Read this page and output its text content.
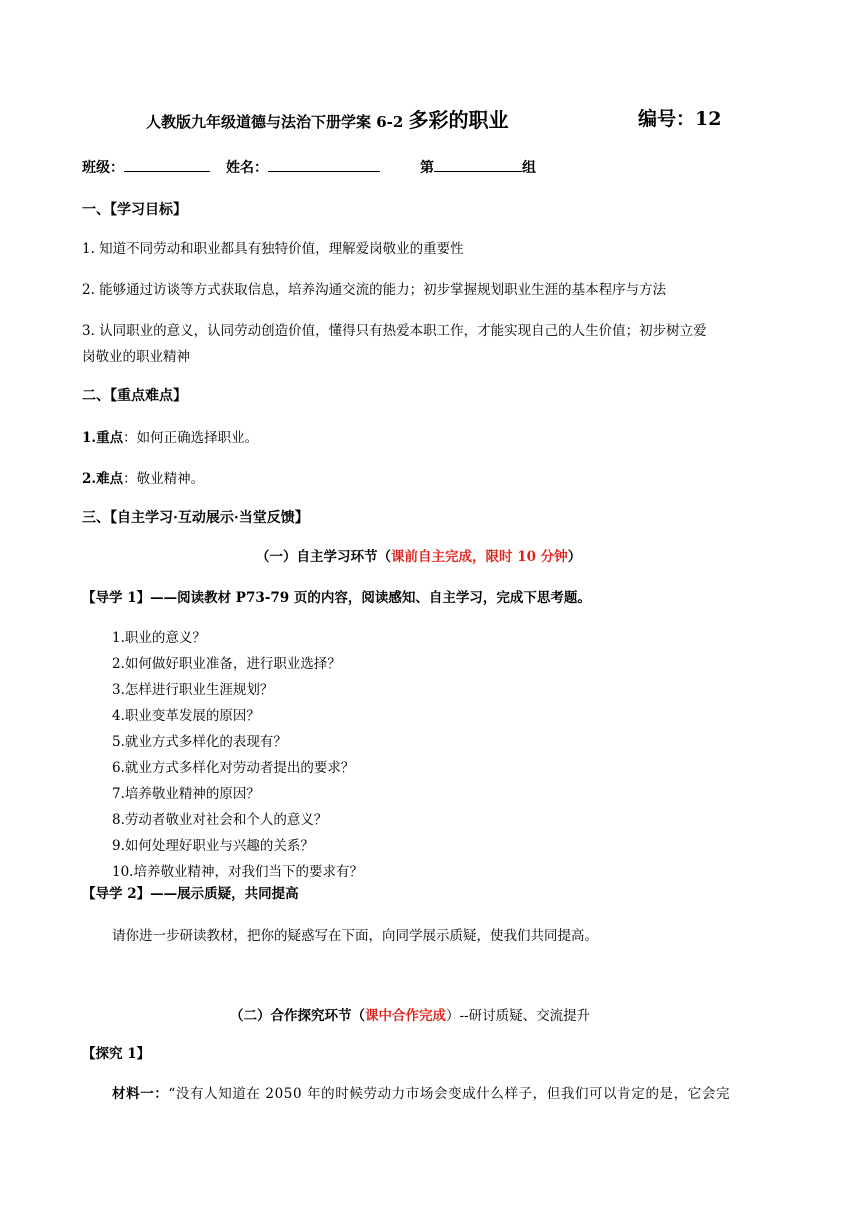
人教版九年级道德与法治下册学案 6-2 多彩的职业	编号：12
班级：	姓名：	第	组
一、【学习目标】
1. 知道不同劳动和职业都具有独特价值，理解爱岗敬业的重要性
2. 能够通过访谈等方式获取信息，培养沟通交流的能力；初步掌握规划职业生涯的基本程序与方法
3. 认同职业的意义，认同劳动创造价值，懂得只有热爱本职工作，才能实现自己的人生价值；初步树立爱
岗敬业的职业精神
二、【重点难点】
1.重点：如何正确选择职业。
2.难点：敬业精神。
三、【自主学习·互动展示·当堂反馈】
（一）自主学习环节（课前自主完成，限时 10 分钟）
【导学 1】——阅读教材 P73-79 页的内容，阅读感知、自主学习，完成下思考题。
1.职业的意义？
2.如何做好职业准备，进行职业选择？
3.怎样进行职业生涯规划？
4.职业变革发展的原因？
5.就业方式多样化的表现有？
6.就业方式多样化对劳动者提出的要求？
7.培养敬业精神的原因？
8.劳动者敬业对社会和个人的意义？
9.如何处理好职业与兴趣的关系？
10.培养敬业精神，对我们当下的要求有？
【导学 2】——展示质疑，共同提高
请你进一步研读教材，把你的疑惑写在下面，向同学展示质疑，使我们共同提高。
（二）合作探究环节（课中合作完成）--研讨质疑、交流提升
【探究 1】
材料一：“没有人知道在 2050 年的时候劳动力市场会变成什么样子，但我们可以肯定的是，它会完
